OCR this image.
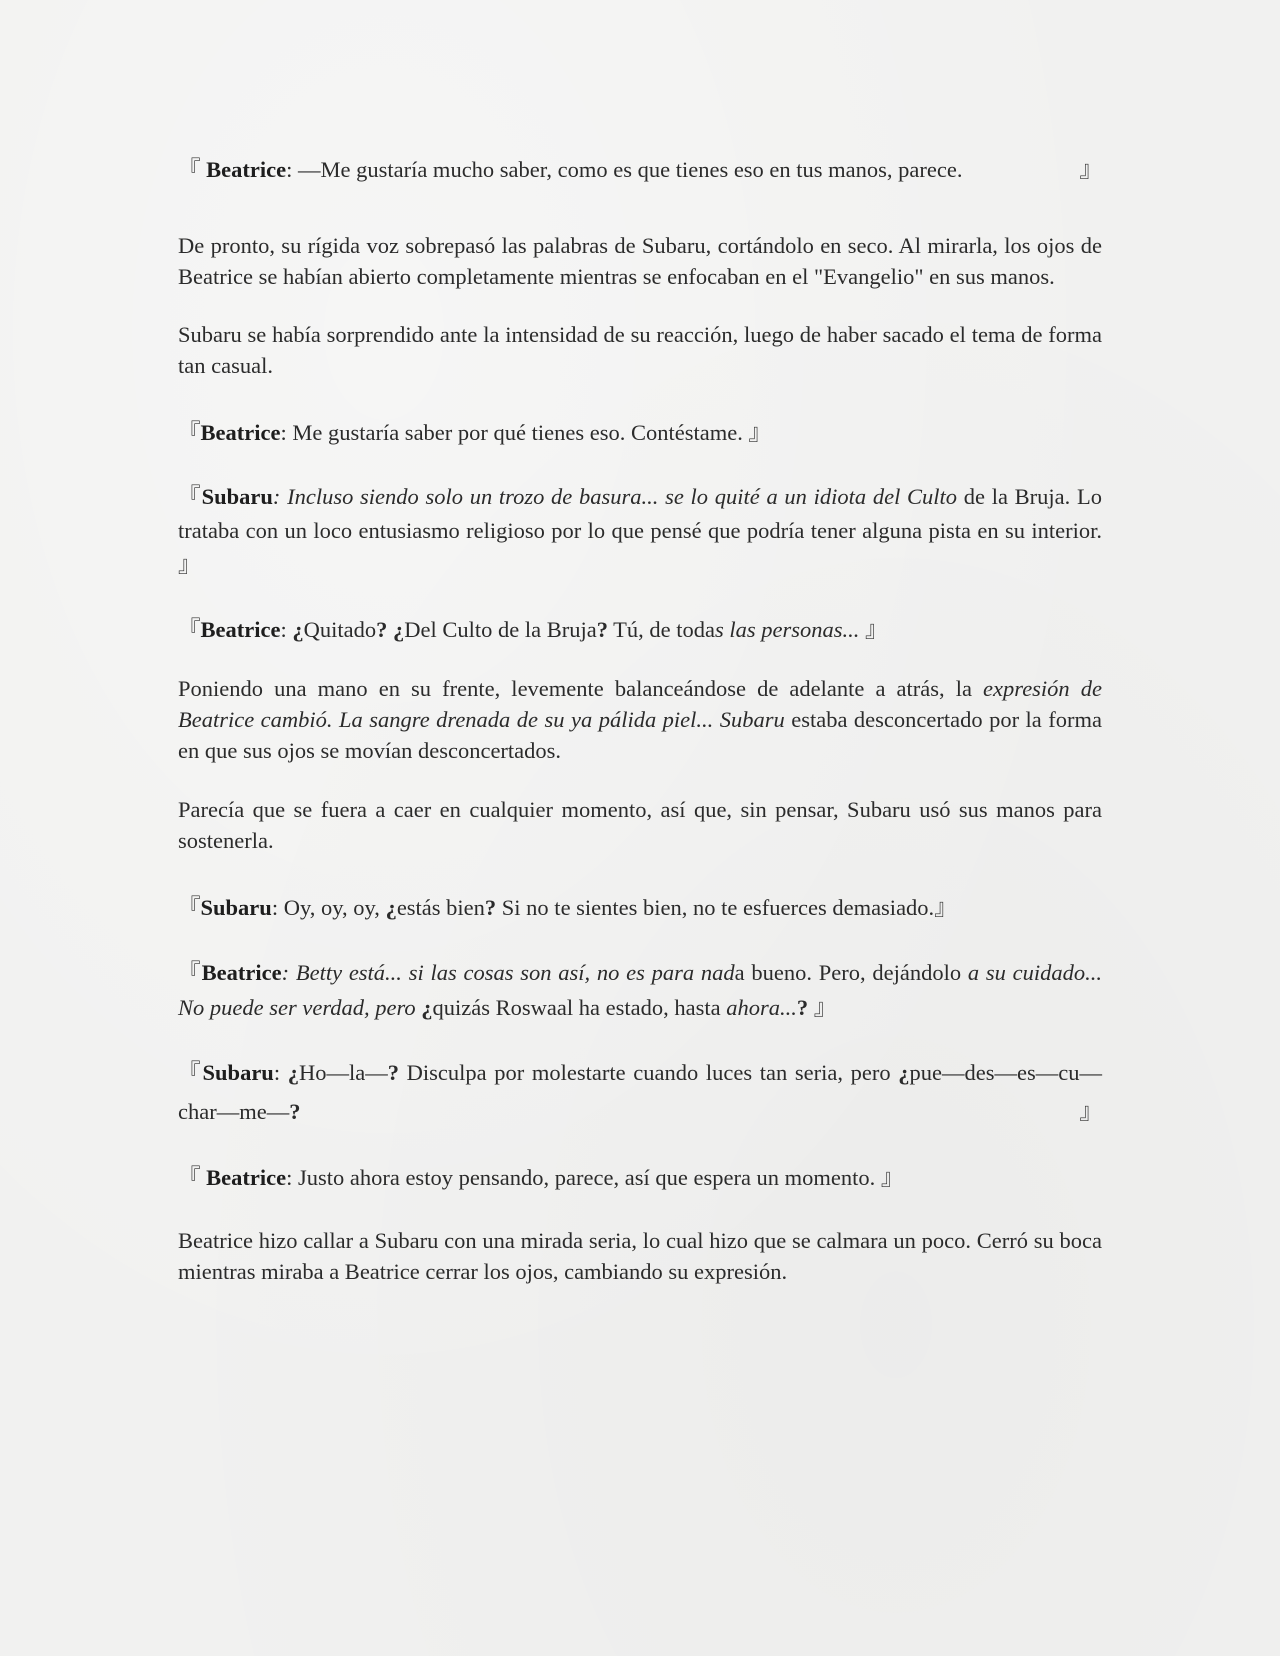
『 Beatrice: —Me gustaría mucho saber, como es que tienes eso en tus manos, parece.	』

De pronto, su rígida voz sobrepasó las palabras de Subaru, cortándolo en seco. Al mirarla, los ojos de Beatrice se habían abierto completamente mientras se enfocaban en el "Evangelio" en sus manos.

Subaru se había sorprendido ante la intensidad de su reacción, luego de haber sacado el tema de forma tan casual.

『Beatrice: Me gustaría saber por qué tienes eso. Contéstame. 』

『Subaru: Incluso siendo solo un trozo de basura... se lo quité a un idiota del Culto de la Bruja. Lo trataba con un loco entusiasmo religioso por lo que pensé que podría tener alguna pista en su interior. 』

『Beatrice: ¿Quitado? ¿Del Culto de la Bruja? Tú, de todas las personas... 』

Poniendo una mano en su frente, levemente balanceándose de adelante a atrás, la expresión de Beatrice cambió. La sangre drenada de su ya pálida piel... Subaru estaba desconcertado por la forma en que sus ojos se movían desconcertados.

Parecía que se fuera a caer en cualquier momento, así que, sin pensar, Subaru usó sus manos para sostenerla.

『Subaru: Oy, oy, oy, ¿estás bien? Si no te sientes bien, no te esfuerces demasiado.』

『Beatrice: Betty está... si las cosas son así, no es para nada bueno. Pero, dejándolo a su cuidado... No puede ser verdad, pero ¿quizás Roswaal ha estado, hasta ahora...? 』

『Subaru: ¿Ho—la—? Disculpa por molestarte cuando luces tan seria, pero ¿pue—des—es—cu—char—me—?	』

『 Beatrice: Justo ahora estoy pensando, parece, así que espera un momento. 』

Beatrice hizo callar a Subaru con una mirada seria, lo cual hizo que se calmara un poco. Cerró su boca mientras miraba a Beatrice cerrar los ojos, cambiando su expresión.
